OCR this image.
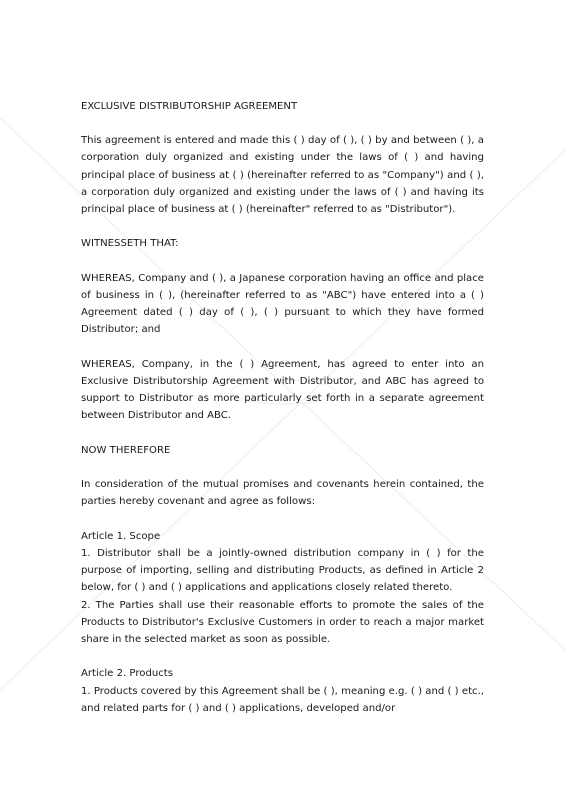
EXCLUSIVE DISTRIBUTORSHIP AGREEMENT

This agreement is entered and made this ( ) day of ( ), ( ) by and between ( ), a corporation duly organized and existing under the laws of ( ) and having principal place of business at ( ) (hereinafter referred to as "Company") and ( ), a corporation duly organized and existing under the laws of ( ) and having its principal place of business at ( ) (hereinafter" referred to as "Distributor").

WITNESSETH THAT:

WHEREAS, Company and ( ), a Japanese corporation having an office and place of business in ( ), (hereinafter referred to as "ABC") have entered into a ( ) Agreement dated ( ) day of ( ), ( ) pursuant to which they have formed Distributor; and

WHEREAS, Company, in the ( ) Agreement, has agreed to enter into an Exclusive Distributorship Agreement with Distributor, and ABC has agreed to support to Distributor as more particularly set forth in a separate agreement between Distributor and ABC.

NOW THEREFORE

In consideration of the mutual promises and covenants herein contained, the parties hereby covenant and agree as follows:

Article 1. Scope

1. Distributor shall be a jointly-owned distribution company in ( ) for the purpose of importing, selling and distributing Products, as defined in Article 2 below, for ( ) and ( ) applications and applications closely related thereto.

2. The Parties shall use their reasonable efforts to promote the sales of the Products to Distributor's Exclusive Customers in order to reach a major market share in the selected market as soon as possible.

Article 2. Products

1. Products covered by this Agreement shall be ( ), meaning e.g. ( ) and ( ) etc., and related parts for ( ) and ( ) applications, developed and/or
